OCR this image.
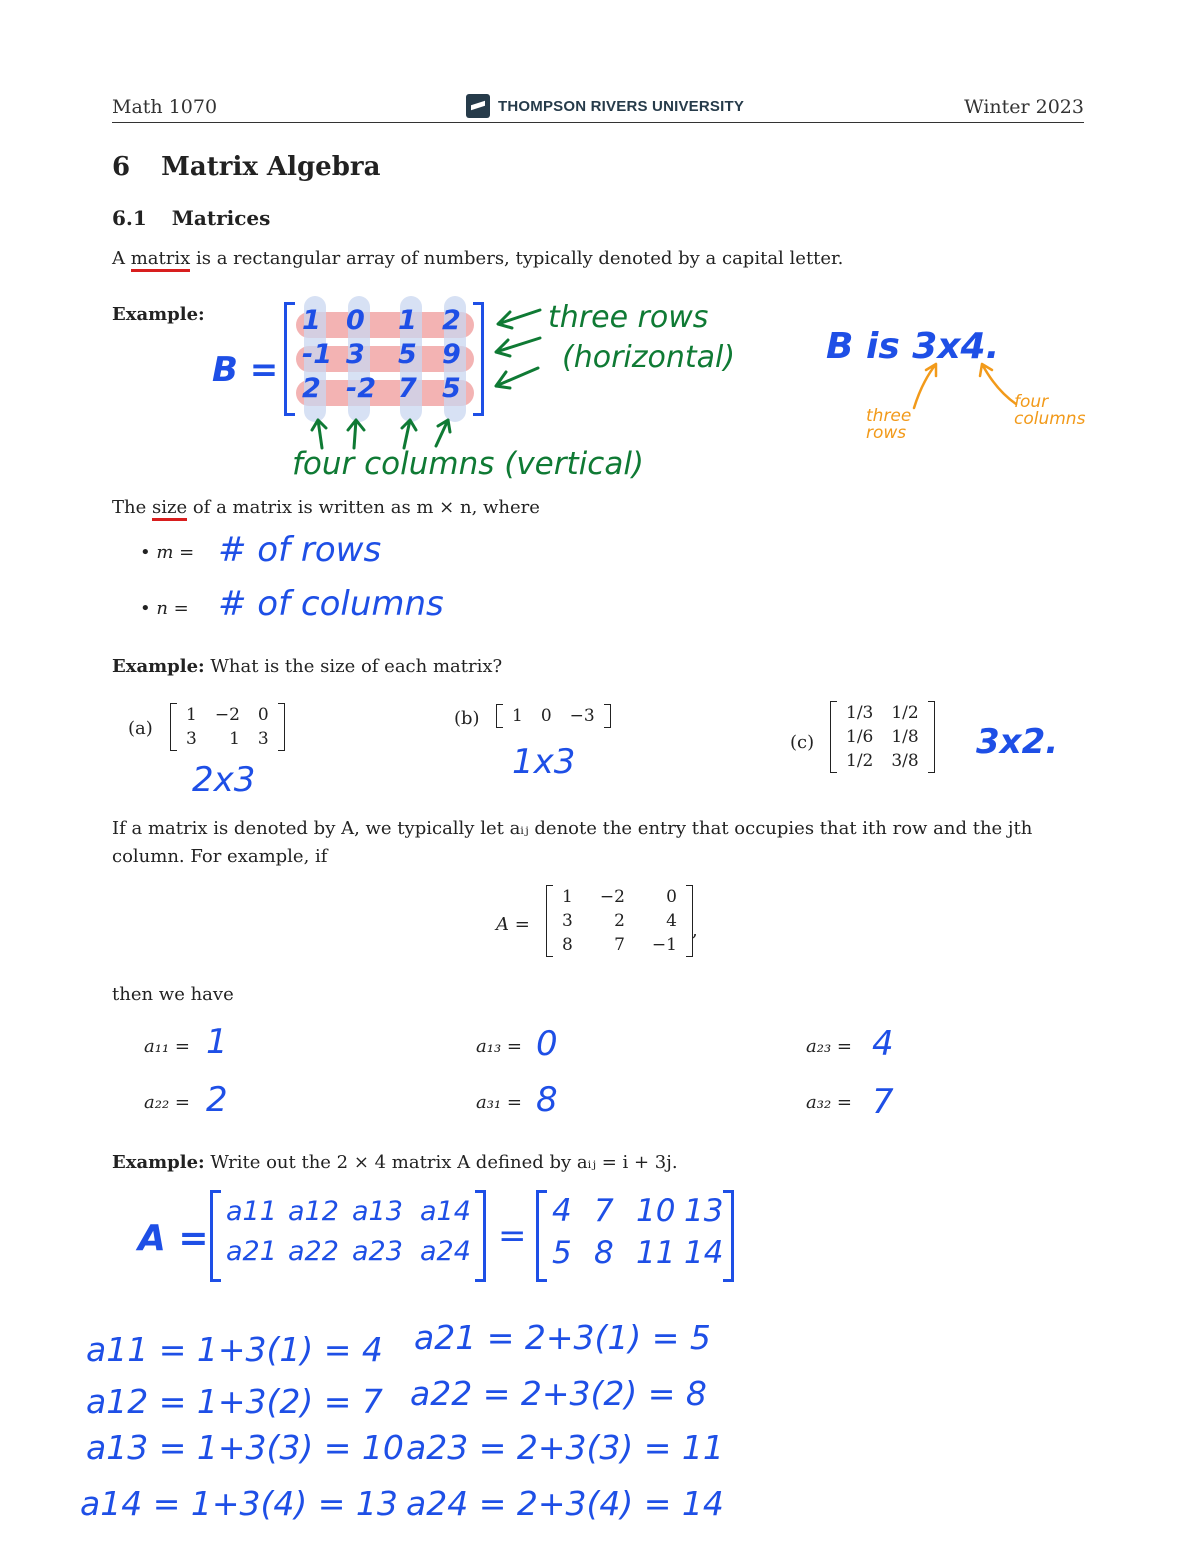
Math 1070	THOMPSON RIVERS UNIVERSITY	Winter 2023
6 Matrix Algebra
6.1 Matrices
A matrix is a rectangular array of numbers, typically denoted by a capital letter.
Example:
B =
1 0	1 2
-1 3	5 9
2 -2 7 5
three rows
(horizontal)
four columns (vertical)
B is 3x4.
three rows
four columns
The size of a matrix is written as m × n, where
• m = # of rows
• n = # of columns
Example: What is the size of each matrix?
(a)
1	−2	0
3	1	3
2x3
(b) 1	0	−3
1x3	(c)
1/3	1/2
1/6	1/8
1/2	3/8 3x2.
If a matrix is denoted by A, we typically let aᵢⱼ denote the entry that occupies that ith row and the jth
column. For example, if
A =
1	−2	0
3	2	4
8	7	−1
,
then we have
a₁₁ = 1	a₁₃ = 0	a₂₃ = 4
a₂₂ = 2	a₃₁ = 8	a₃₂ = 7
Example: Write out the 2 × 4 matrix A defined by aᵢⱼ = i + 3j.
A =
a11 a12 a13 a14
a21 a22 a23 a24 =
4 7 10 13
5 8 11 14
a11 = 1+3(1) = 4
a12 = 1+3(2) = 7
a13 = 1+3(3) = 10
a14 = 1+3(4) = 13
a21 = 2+3(1) = 5
a22 = 2+3(2) = 8
a23 = 2+3(3) = 11
a24 = 2+3(4) = 14
